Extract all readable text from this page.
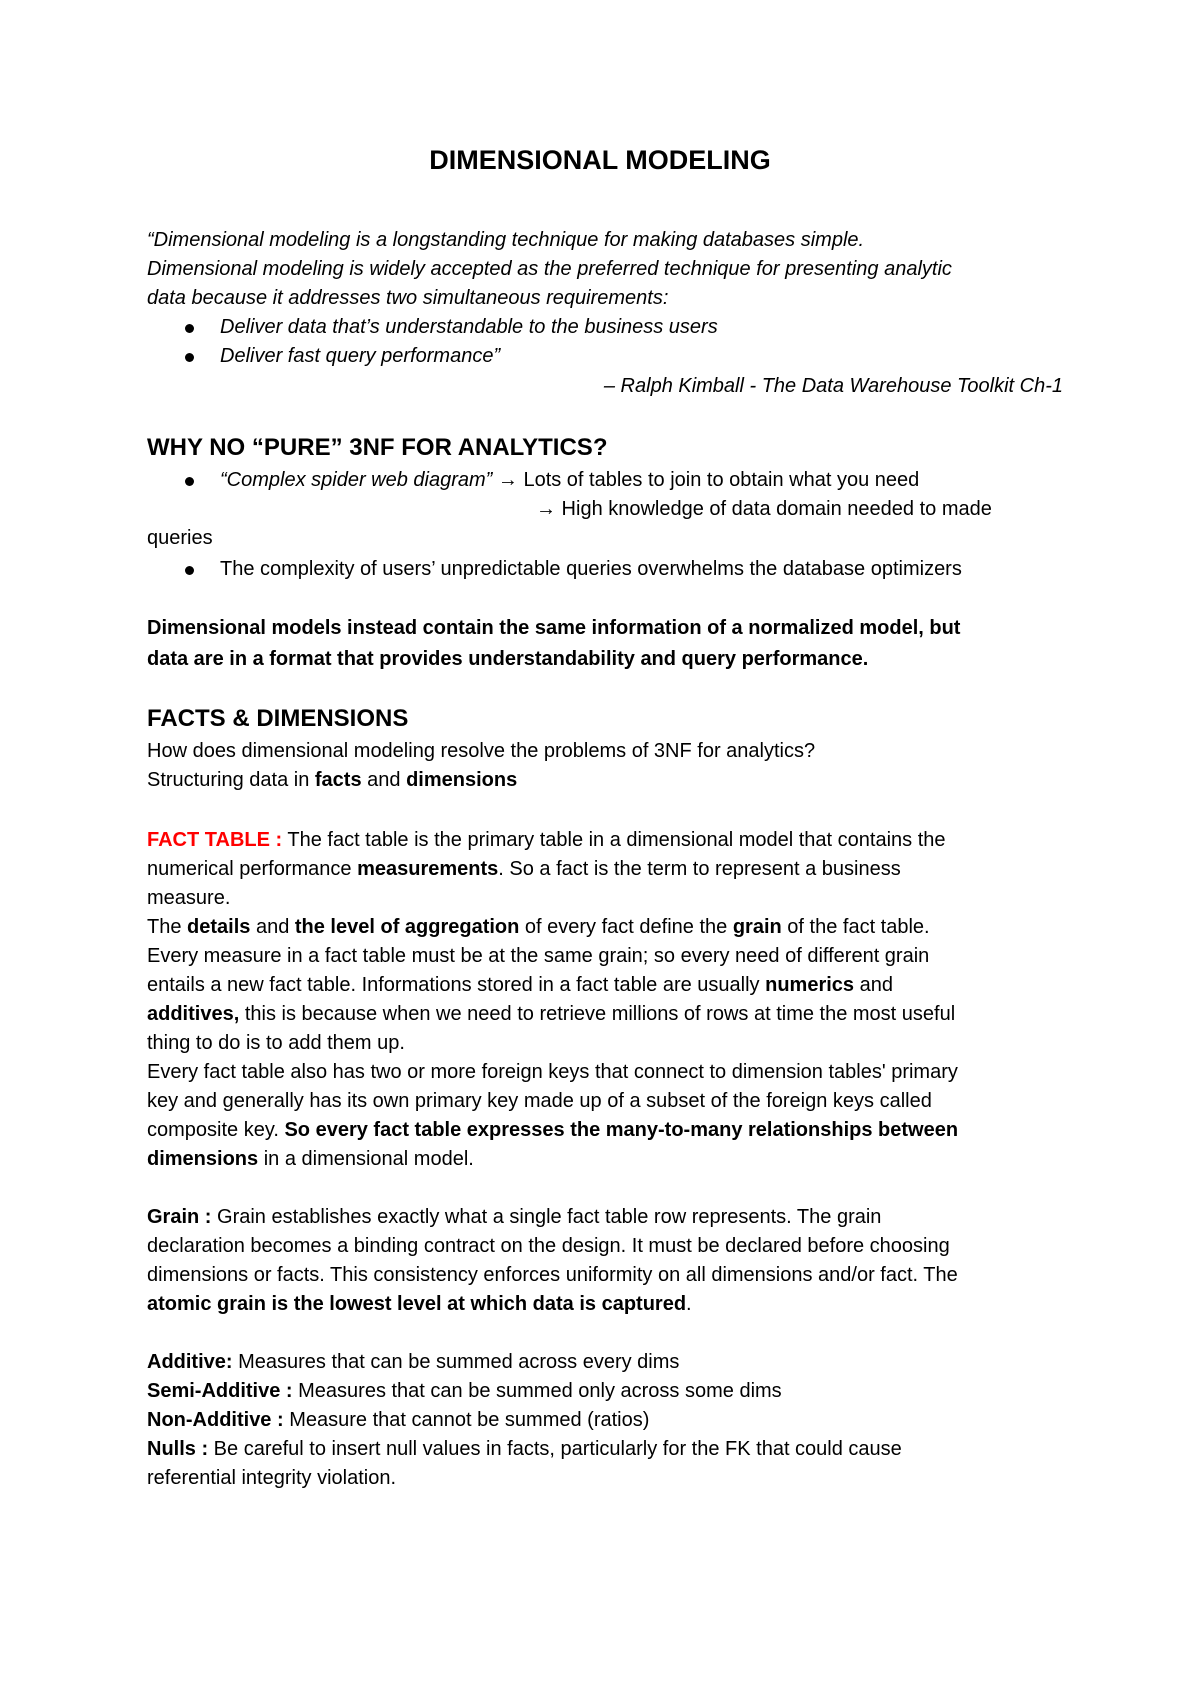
DIMENSIONAL MODELING
“Dimensional modeling is a longstanding technique for making databases simple.
Dimensional modeling is widely accepted as the preferred technique for presenting analytic
data because it addresses two simultaneous requirements:
Deliver data that’s understandable to the business users
Deliver fast query performance”
– Ralph Kimball - The Data Warehouse Toolkit Ch-1
WHY NO “PURE” 3NF FOR ANALYTICS?
“Complex spider web diagram” → Lots of tables to join to obtain what you need
→ High knowledge of data domain needed to made
queries
The complexity of users’ unpredictable queries overwhelms the database optimizers
Dimensional models instead contain the same information of a normalized model, but
data are in a format that provides understandability and query performance.
FACTS & DIMENSIONS
How does dimensional modeling resolve the problems of 3NF for analytics?
Structuring data in facts and dimensions
FACT TABLE : The fact table is the primary table in a dimensional model that contains the
numerical performance measurements. So a fact is the term to represent a business
measure.
The details and the level of aggregation of every fact define the grain of the fact table.
Every measure in a fact table must be at the same grain; so every need of different grain
entails a new fact table. Informations stored in a fact table are usually numerics and
additives, this is because when we need to retrieve millions of rows at time the most useful
thing to do is to add them up.
Every fact table also has two or more foreign keys that connect to dimension tables' primary
key and generally has its own primary key made up of a subset of the foreign keys called
composite key. So every fact table expresses the many-to-many relationships between
dimensions in a dimensional model.
Grain : Grain establishes exactly what a single fact table row represents. The grain
declaration becomes a binding contract on the design. It must be declared before choosing
dimensions or facts. This consistency enforces uniformity on all dimensions and/or fact. The
atomic grain is the lowest level at which data is captured.
Additive: Measures that can be summed across every dims
Semi-Additive : Measures that can be summed only across some dims
Non-Additive : Measure that cannot be summed (ratios)
Nulls : Be careful to insert null values in facts, particularly for the FK that could cause
referential integrity violation.
